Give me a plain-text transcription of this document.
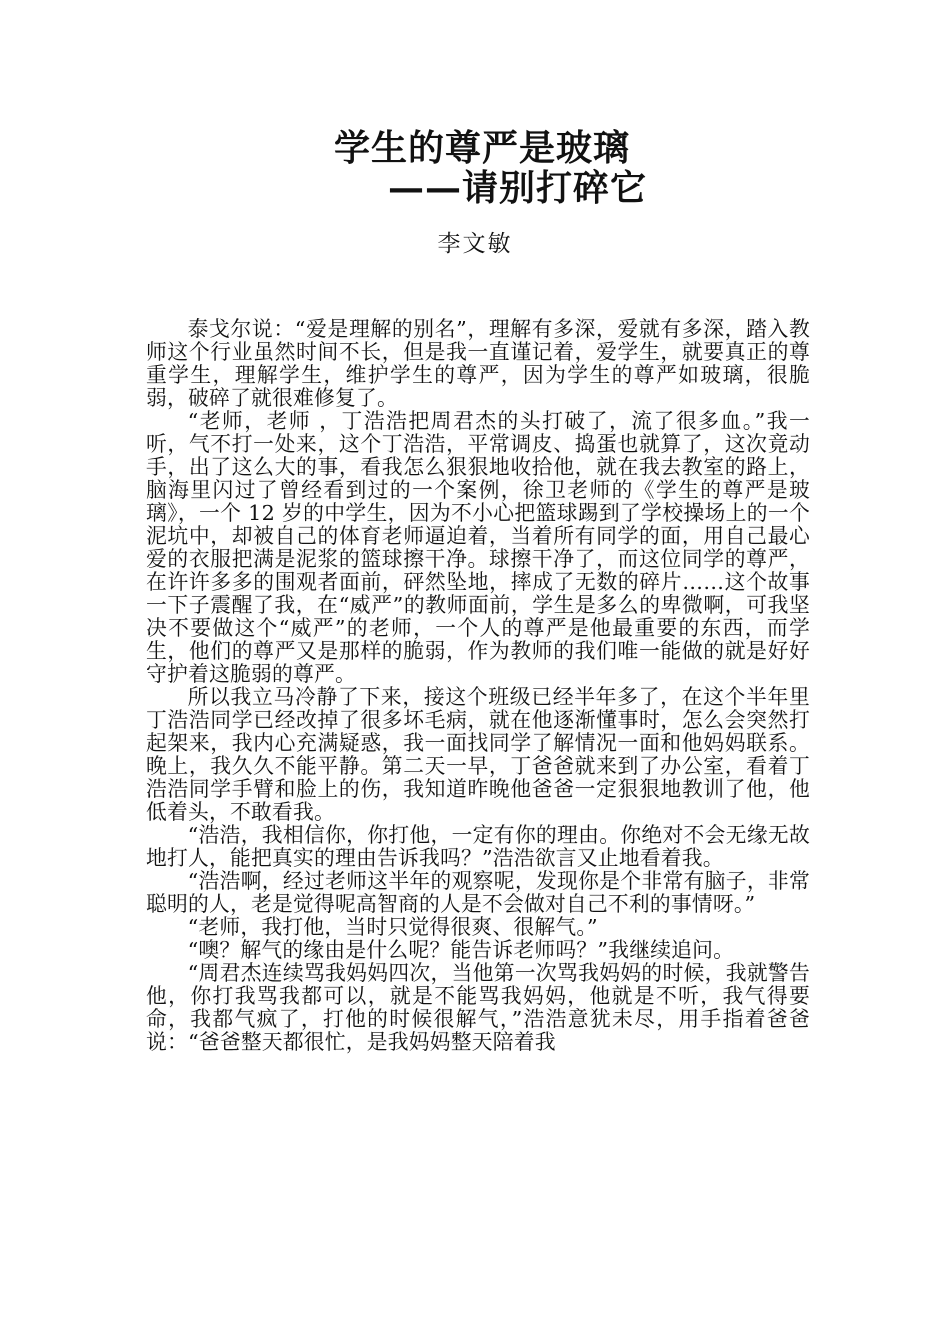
学生的尊严是玻璃
——请别打碎它
李文敏

泰戈尔说：“爱是理解的别名”，理解有多深，爱就有多深，踏入教师这个行业虽然时间不长，但是我一直谨记着，爱学生，就要真正的尊重学生，理解学生，维护学生的尊严，因为学生的尊严如玻璃，很脆弱，破碎了就很难修复了。

“老师，老师 ，丁浩浩把周君杰的头打破了，流了很多血。”我一听，气不打一处来，这个丁浩浩，平常调皮、捣蛋也就算了，这次竟动手，出了这么大的事，看我怎么狠狠地收拾他，就在我去教室的路上，脑海里闪过了曾经看到过的一个案例，徐卫老师的《学生的尊严是玻璃》，一个 12 岁的中学生，因为不小心把篮球踢到了学校操场上的一个泥坑中，却被自己的体育老师逼迫着，当着所有同学的面，用自己最心爱的衣服把满是泥浆的篮球擦干净。球擦干净了，而这位同学的尊严，在许许多多的围观者面前，砰然坠地，摔成了无数的碎片……这个故事一下子震醒了我，在“威严”的教师面前，学生是多么的卑微啊，可我坚决不要做这个“威严”的老师，一个人的尊严是他最重要的东西，而学生，他们的尊严又是那样的脆弱，作为教师的我们唯一能做的就是好好守护着这脆弱的尊严。

所以我立马冷静了下来，接这个班级已经半年多了，在这个半年里丁浩浩同学已经改掉了很多坏毛病，就在他逐渐懂事时，怎么会突然打起架来，我内心充满疑惑，我一面找同学了解情况一面和他妈妈联系。晚上，我久久不能平静。第二天一早，丁爸爸就来到了办公室，看着丁浩浩同学手臂和脸上的伤，我知道昨晚他爸爸一定狠狠地教训了他，他低着头，不敢看我。

“浩浩，我相信你，你打他，一定有你的理由。你绝对不会无缘无故地打人，能把真实的理由告诉我吗？”浩浩欲言又止地看着我。

“浩浩啊，经过老师这半年的观察呢，发现你是个非常有脑子，非常聪明的人，老是觉得呢高智商的人是不会做对自己不利的事情呀。”

“老师，我打他，当时只觉得很爽、很解气。”

“噢？解气的缘由是什么呢？能告诉老师吗？”我继续追问。

“周君杰连续骂我妈妈四次，当他第一次骂我妈妈的时候，我就警告他，你打我骂我都可以，就是不能骂我妈妈，他就是不听，我气得要命，我都气疯了，打他的时候很解气，”浩浩意犹未尽，用手指着爸爸说：“爸爸整天都很忙，是我妈妈整天陪着我
